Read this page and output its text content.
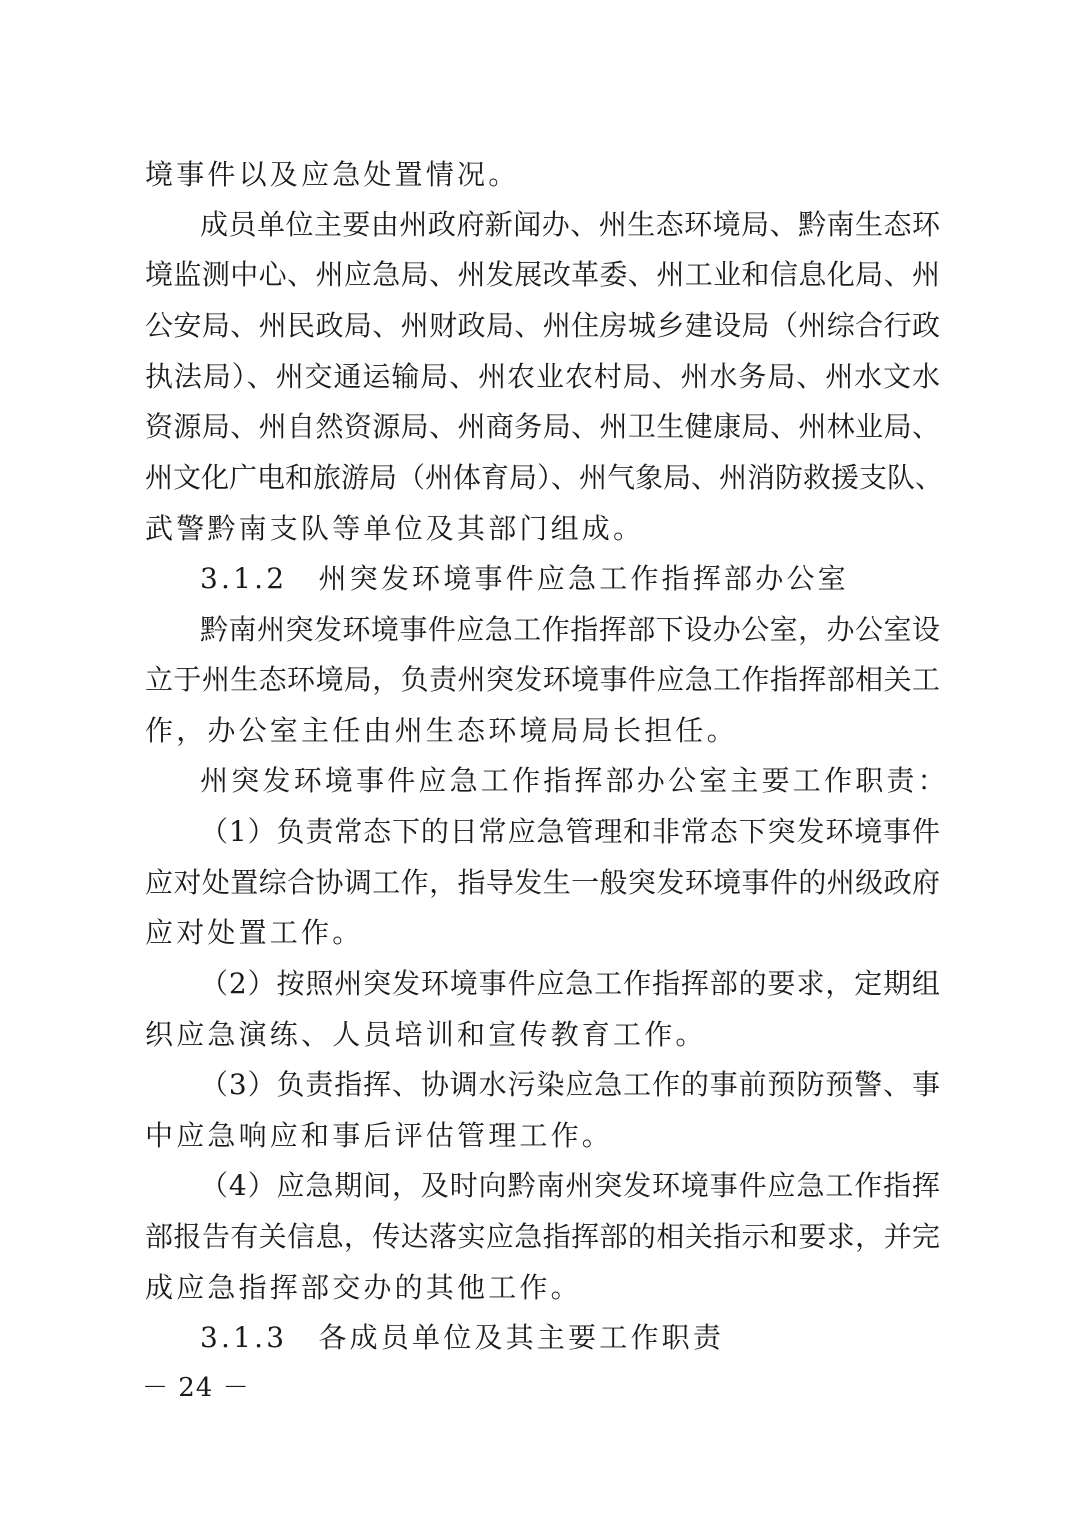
境事件以及应急处置情况。
成员单位主要由州政府新闻办、州生态环境局、黔南生态环
境监测中心、州应急局、州发展改革委、州工业和信息化局、州
公安局、州民政局、州财政局、州住房城乡建设局（州综合行政
执法局）、州交通运输局、州农业农村局、州水务局、州水文水
资源局、州自然资源局、州商务局、州卫生健康局、州林业局、
州文化广电和旅游局（州体育局）、州气象局、州消防救援支队、
武警黔南支队等单位及其部门组成。
3.1.2　州突发环境事件应急工作指挥部办公室
黔南州突发环境事件应急工作指挥部下设办公室，办公室设
立于州生态环境局，负责州突发环境事件应急工作指挥部相关工
作，办公室主任由州生态环境局局长担任。
州突发环境事件应急工作指挥部办公室主要工作职责：
（1）负责常态下的日常应急管理和非常态下突发环境事件
应对处置综合协调工作，指导发生一般突发环境事件的州级政府
应对处置工作。
（2）按照州突发环境事件应急工作指挥部的要求，定期组
织应急演练、人员培训和宣传教育工作。
（3）负责指挥、协调水污染应急工作的事前预防预警、事
中应急响应和事后评估管理工作。
（4）应急期间，及时向黔南州突发环境事件应急工作指挥
部报告有关信息，传达落实应急指挥部的相关指示和要求，并完
成应急指挥部交办的其他工作。
3.1.3　各成员单位及其主要工作职责
－ 24 －
